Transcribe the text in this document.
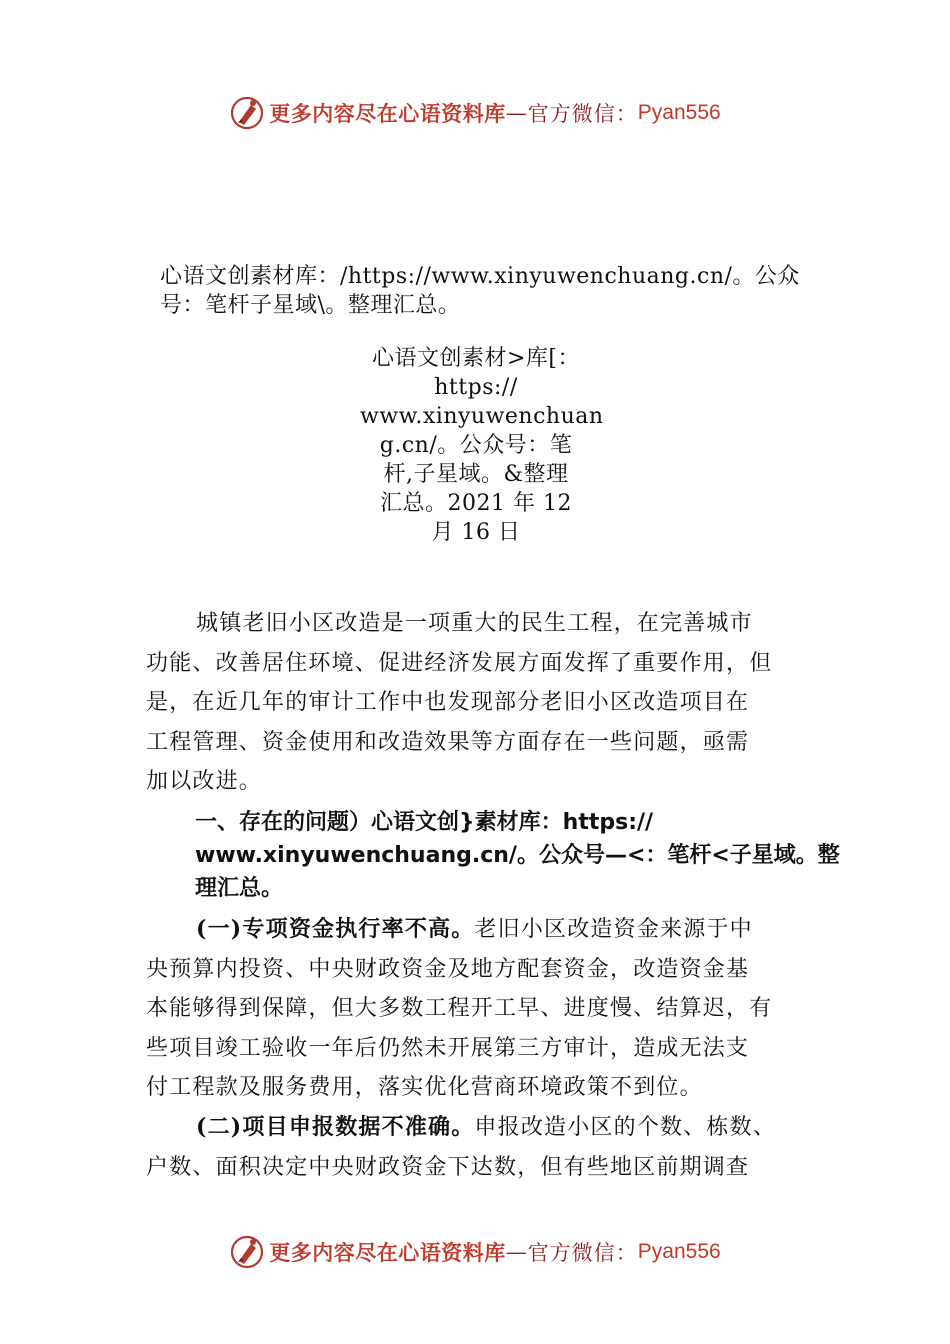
更多内容尽在心语资料库 — 官方微信： Pyan556
心语文创素材库：/https://www.xinyuwenchuang.cn/。公众
号：笔杆子星域\。整理汇总。
心语文创素材>库[：
https://
www.xinyuwenchuan
g.cn/。公众号：笔
杆,子星域。&整理
汇总。2021 年 12
月 16 日
城镇老旧小区改造是一项重大的民生工程，在完善城市
功能、改善居住环境、促进经济发展方面发挥了重要作用，但
是，在近几年的审计工作中也发现部分老旧小区改造项目在
工程管理、资金使用和改造效果等方面存在一些问题，亟需
加以改进。
一、存在的问题）心语文创}素材库：https://
www.xinyuwenchuang.cn/。公众号—<：笔杆<子星域。整
理汇总。
(一)专项资金执行率不高。老旧小区改造资金来源于中
央预算内投资、中央财政资金及地方配套资金，改造资金基
本能够得到保障，但大多数工程开工早、进度慢、结算迟，有
些项目竣工验收一年后仍然未开展第三方审计，造成无法支
付工程款及服务费用，落实优化营商环境政策不到位。
(二)项目申报数据不准确。申报改造小区的个数、栋数、
户数、面积决定中央财政资金下达数，但有些地区前期调查
更多内容尽在心语资料库 — 官方微信： Pyan556
